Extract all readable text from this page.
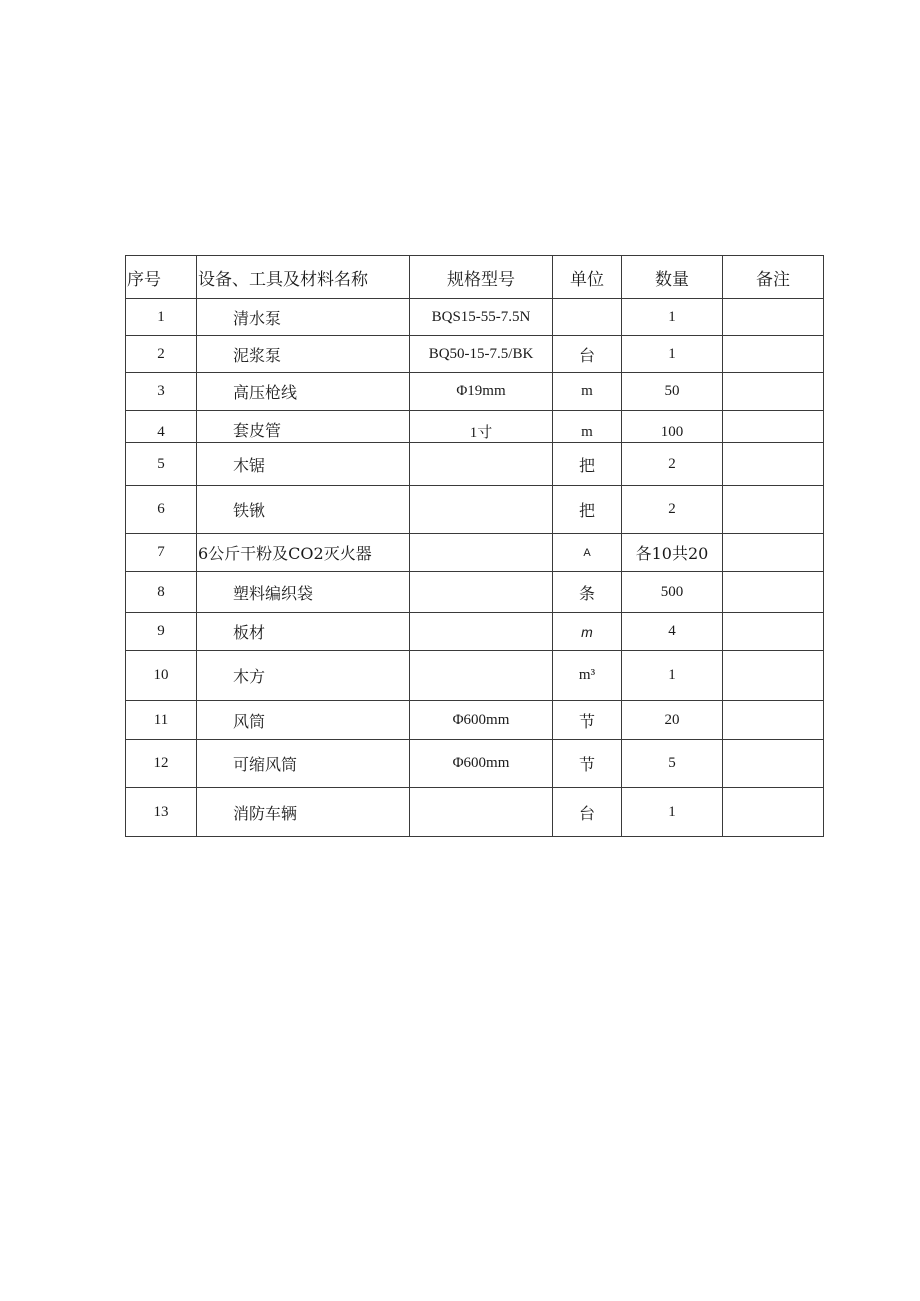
序号	设备、工具及材料名称	规格型号	单位	数量	备注
1	清水泵	BQS15-55-7.5N		1	
2	泥浆泵	BQ50-15-7.5/BK	台	1	
3	高压枪线	Φ19mm	m	50	
4	套皮管	1寸	m	100	
5	木锯		把	2	
6	铁锹		把	2	
7	6公斤干粉及CO2灭火器		A	各10共20	
8	塑料编织袋		条	500	
9	板材		m	4	
10	木方		m³	1	
11	风筒	Φ600mm	节	20	
12	可缩风筒	Φ600mm	节	5	
13	消防车辆		台	1	
